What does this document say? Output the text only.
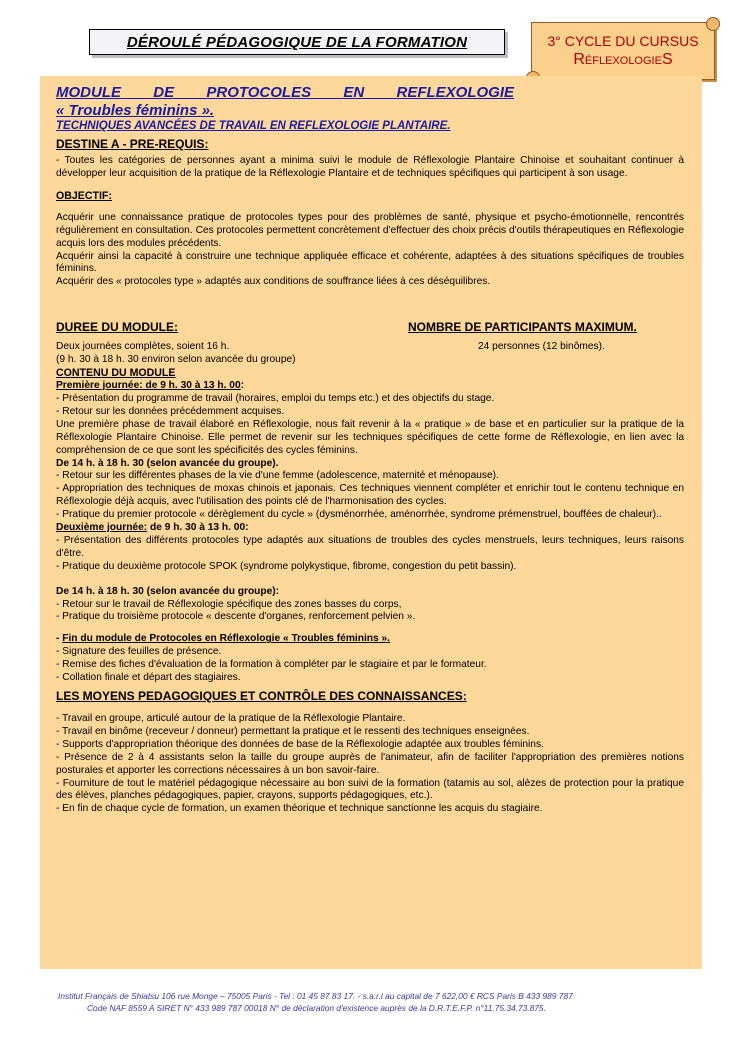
DÉROULÉ PÉDAGOGIQUE DE LA FORMATION	3° CYCLE DU CURSUS
RéflexologieS

MODULE DE PROTOCOLES EN REFLEXOLOGIE

« Troubles féminins ».

TECHNIQUES AVANCÉES DE TRAVAIL EN REFLEXOLOGIE PLANTAIRE.

DESTINE A - PRE-REQUIS:

- Toutes les catégories de personnes ayant a minima suivi le module de Réflexologie Plantaire Chinoise et souhaitant continuer à développer leur acquisition de la pratique de la Réflexologie Plantaire et de techniques spécifiques qui participent à son usage.

OBJECTIF:

Acquérir une connaissance pratique de protocoles types pour des problèmes de santé, physique et psycho-émotionnelle, rencontrés régulièrement en consultation. Ces protocoles permettent concrètement d'effectuer des choix précis d'outils thérapeutiques en Réflexologie acquis lors des modules précédents.

Acquérir ainsi la capacité à construire une technique appliquée efficace et cohérente, adaptées à des situations spécifiques de troubles féminins.

Acquérir des « protocoles type » adaptés aux conditions de souffrance liées à ces déséquilibres.

DUREE DU MODULE:	NOMBRE DE PARTICIPANTS MAXIMUM.

Deux journées complètes, soient 16 h.

(9 h. 30 à 18 h. 30 environ selon avancée du groupe)

24 personnes (12 binômes).

CONTENU DU MODULE

Première journée: de 9 h. 30 à 13 h. 00:

- Présentation du programme de travail (horaires, emploi du temps etc.) et des objectifs du stage.

- Retour sur les données précédemment acquises.

Une première phase de travail élaboré en Réflexologie, nous fait revenir à la « pratique » de base et en particulier sur la pratique de la Réflexologie Plantaire Chinoise. Elle permet de revenir sur les techniques spécifiques de cette forme de Réflexologie, en lien avec la compréhension de ce que sont les spécificités des cycles féminins.

De 14 h. à 18 h. 30 (selon avancée du groupe).

- Retour sur les différentes phases de la vie d'une femme (adolescence, maternité et ménopause).

- Appropriation des techniques de moxas chinois et japonais. Ces techniques viennent compléter et enrichir tout le contenu technique en Réflexologie déjà acquis, avec l'utilisation des points clé de l'harmonisation des cycles.

- Pratique du premier protocole « dérèglement du cycle » (dysménorrhée, aménorrhée, syndrome prémenstruel, bouffées de chaleur)..

Deuxième journée: de 9 h. 30 à 13 h. 00:

- Présentation des différents protocoles type adaptés aux situations de troubles des cycles menstruels, leurs techniques, leurs raisons d'être.

- Pratique du deuxième protocole SPOK (syndrome polykystique, fibrome, congestion du petit bassin).

De 14 h. à 18 h. 30 (selon avancée du groupe):

- Retour sur le travail de Réflexologie spécifique des zones basses du corps,

- Pratique du troisième protocole « descente d'organes, renforcement pelvien ».

- Fin du module de Protocoles en Réflexologie « Troubles féminins ».

- Signature des feuilles de présence.

- Remise des fiches d'évaluation de la formation à compléter par le stagiaire et par le formateur.

- Collation finale et départ des stagiaires.

LES MOYENS PEDAGOGIQUES ET CONTRÔLE DES CONNAISSANCES:

- Travail en groupe, articulé autour de la pratique de la Réflexologie Plantaire.

- Travail en binôme (receveur / donneur) permettant la pratique et le ressenti des techniques enseignées.

- Supports d'appropriation théorique des données de base de la Réflexologie adaptée aux troubles féminins.

- Présence de 2 à 4 assistants selon la taille du groupe auprès de l'animateur, afin de faciliter l'appropriation des premières notions posturales et apporter les corrections nécessaires à un bon savoir-faire.

- Fourniture de tout le matériel pédagogique nécessaire au bon suivi de la formation (tatamis au sol, alèzes de protection pour la pratique des élèves, planches pédagogiques, papier, crayons, supports pédagogiques, etc.).

- En fin de chaque cycle de formation, un examen théorique et technique sanctionne les acquis du stagiaire.

Institut Français de Shiatsu 106 rue Monge – 75005 Paris - Tel : 01 45 87 83 17. - s.a.r.l au capital de 7 622,00 € RCS Paris B 433 989 787
Code NAF 8559 A SIRET N° 433 989 787 00018 N° de déclaration d'existence auprès de la D.R.T.E.F.P. n°11.75.34.73.875.
